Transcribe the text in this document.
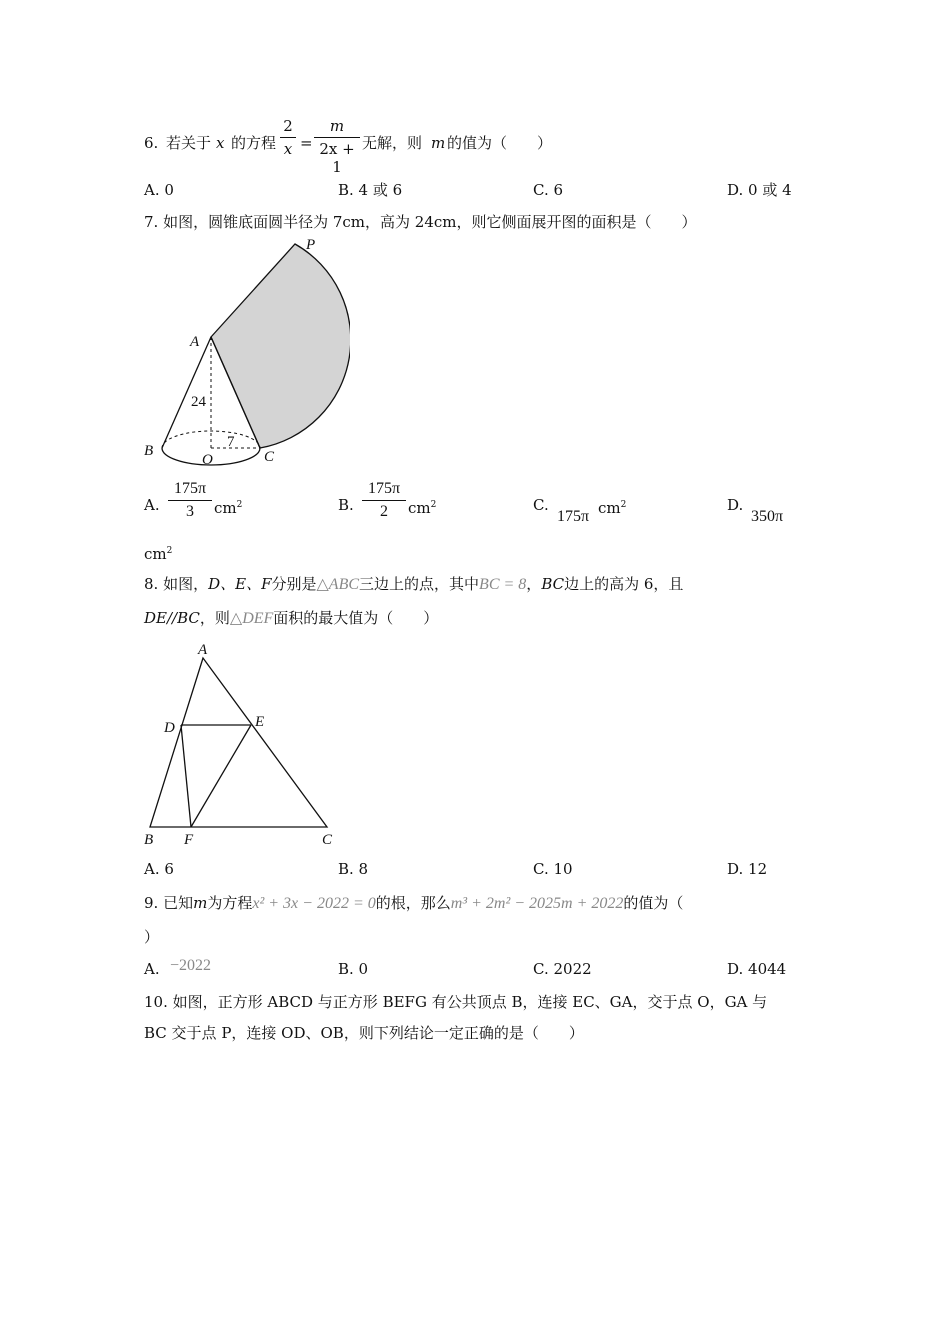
6. 若关于 x 的方程
2
x =
m
2x + 1
无解，则 m 的值为（　　）
A. 0	B. 4 或 6	C. 6	D. 0 或 4
7. 如图，圆锥底面圆半径为 7cm，高为 24cm，则它侧面展开图的面积是（　　）
P
A
B
O	C
24
7
A.
175π
3	$cm^2$	B.
175π
2	$cm^2$	C.
175π $cm^2$	D.
350π
$cm^2$
8. 如图，D、E、F分别是△ABC三边上的点，其中BC = 8，BC边上的高为 6，且
DE//BC，则△DEF面积的最大值为（　　）
A
D	E
B F	C
A. 6	B. 8	C. 10	D. 12
9. 已知m为方程x² + 3x − 2022 = 0的根，那么m³ + 2m² − 2025m + 2022的值为（
）
A. −2022	B. 0	C. 2022	D. 4044
10. 如图，正方形 ABCD 与正方形 BEFG 有公共顶点 B，连接 EC、GA，交于点 O，GA 与
BC 交于点 P，连接 OD、OB，则下列结论一定正确的是（　　）
